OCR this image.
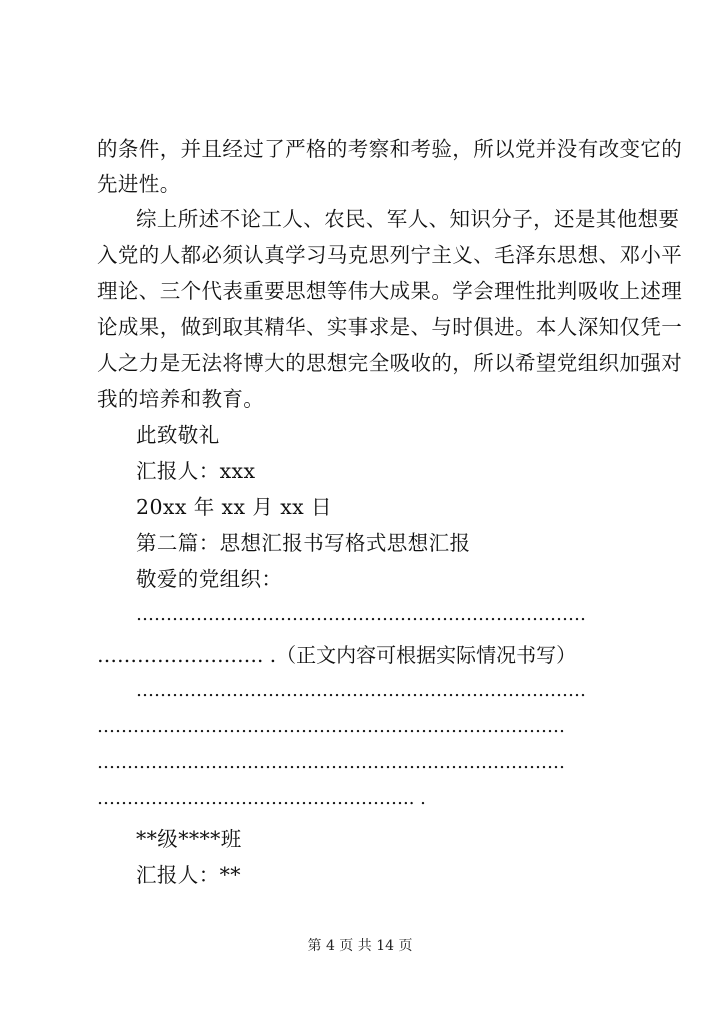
的条件，并且经过了严格的考察和考验，所以党并没有改变它的
先进性。
综上所述不论工人、农民、军人、知识分子，还是其他想要
入党的人都必须认真学习马克思列宁主义、毛泽东思想、邓小平
理论、三个代表重要思想等伟大成果。学会理性批判吸收上述理
论成果，做到取其精华、实事求是、与时俱进。本人深知仅凭一
人之力是无法将博大的思想完全吸收的，所以希望党组织加强对
我的培养和教育。
此致敬礼
汇报人：xxx
20xx 年 xx 月 xx 日
第二篇：思想汇报书写格式思想汇报
敬爱的党组织：
…………………………………………………………………
……………………. .（正文内容可根据实际情况书写）
…………………………………………………………………
……………………………………………………………………
……………………………………………………………………
…………………………………………….. .
**级****班
汇报人：**
第 4 页 共 14 页
